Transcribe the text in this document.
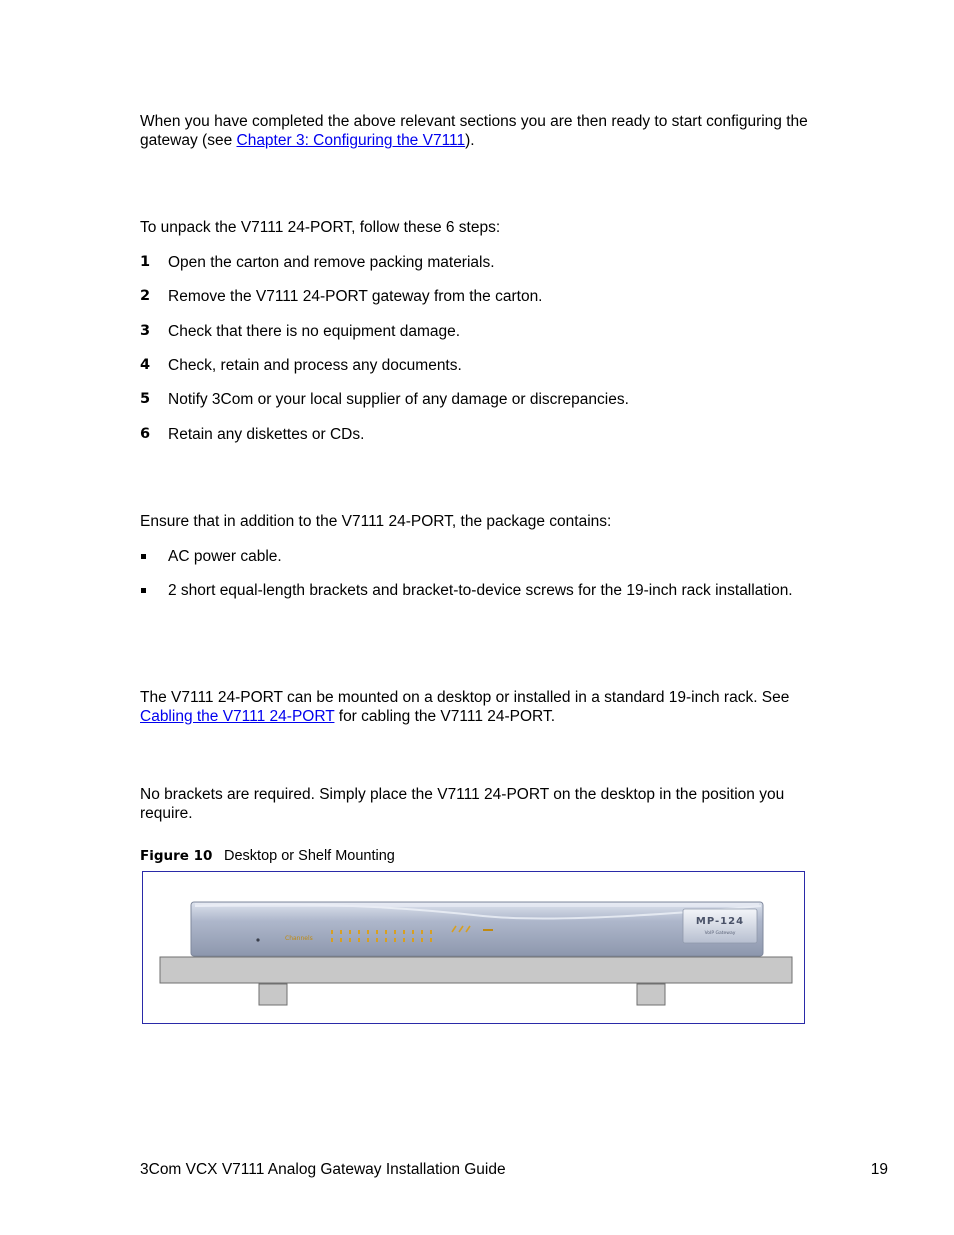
When you have completed the above relevant sections you are then ready to start configuring the gateway (see Chapter 3: Configuring the V7111).

To unpack the V7111 24-PORT, follow these 6 steps:

1 Open the carton and remove packing materials.
2 Remove the V7111 24-PORT gateway from the carton.
3 Check that there is no equipment damage.
4 Check, retain and process any documents.
5 Notify 3Com or your local supplier of any damage or discrepancies.
6 Retain any diskettes or CDs.

Ensure that in addition to the V7111 24-PORT, the package contains:

AC power cable.
2 short equal-length brackets and bracket-to-device screws for the 19-inch rack installation.

The V7111 24-PORT can be mounted on a desktop or installed in a standard 19-inch rack. See Cabling the V7111 24-PORT for cabling the V7111 24-PORT.

No brackets are required. Simply place the V7111 24-PORT on the desktop in the position you require.

Figure 10 Desktop or Shelf Mounting
Channels
MP-124
VoIP Gateway
3Com VCX V7111 Analog Gateway Installation Guide	19
